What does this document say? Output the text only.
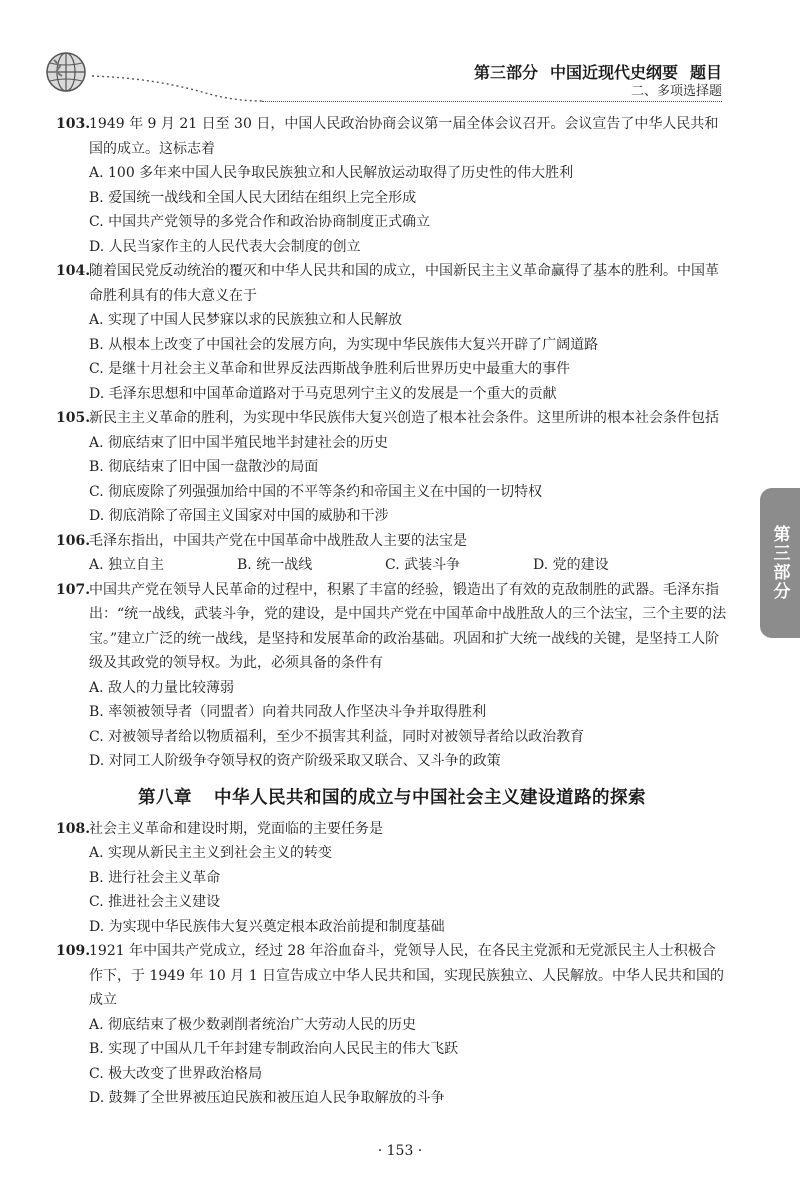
第三部分 中国近现代史纲要 题目
二、多项选择题
103.1949 年 9 月 21 日至 30 日，中国人民政治协商会议第一届全体会议召开。会议宣告了中华人民共和国的成立。这标志着
A. 100 多年来中国人民争取民族独立和人民解放运动取得了历史性的伟大胜利
B. 爱国统一战线和全国人民大团结在组织上完全形成
C. 中国共产党领导的多党合作和政治协商制度正式确立
D. 人民当家作主的人民代表大会制度的创立
104.随着国民党反动统治的覆灭和中华人民共和国的成立，中国新民主主义革命赢得了基本的胜利。中国革命胜利具有的伟大意义在于
A. 实现了中国人民梦寐以求的民族独立和人民解放
B. 从根本上改变了中国社会的发展方向，为实现中华民族伟大复兴开辟了广阔道路
C. 是继十月社会主义革命和世界反法西斯战争胜利后世界历史中最重大的事件
D. 毛泽东思想和中国革命道路对于马克思列宁主义的发展是一个重大的贡献
105.新民主主义革命的胜利，为实现中华民族伟大复兴创造了根本社会条件。这里所讲的根本社会条件包括
A. 彻底结束了旧中国半殖民地半封建社会的历史
B. 彻底结束了旧中国一盘散沙的局面
C. 彻底废除了列强强加给中国的不平等条约和帝国主义在中国的一切特权
D. 彻底消除了帝国主义国家对中国的威胁和干涉
106.毛泽东指出，中国共产党在中国革命中战胜敌人主要的法宝是
A. 独立自主	B. 统一战线	C. 武装斗争	D. 党的建设
107.中国共产党在领导人民革命的过程中，积累了丰富的经验，锻造出了有效的克敌制胜的武器。毛泽东指出：“统一战线，武装斗争，党的建设，是中国共产党在中国革命中战胜敌人的三个法宝，三个主要的法宝。”建立广泛的统一战线，是坚持和发展革命的政治基础。巩固和扩大统一战线的关键，是坚持工人阶级及其政党的领导权。为此，必须具备的条件有
A. 敌人的力量比较薄弱
B. 率领被领导者（同盟者）向着共同敌人作坚决斗争并取得胜利
C. 对被领导者给以物质福利，至少不损害其利益，同时对被领导者给以政治教育
D. 对同工人阶级争夺领导权的资产阶级采取又联合、又斗争的政策
第八章 中华人民共和国的成立与中国社会主义建设道路的探索
108.社会主义革命和建设时期，党面临的主要任务是
A. 实现从新民主主义到社会主义的转变
B. 进行社会主义革命
C. 推进社会主义建设
D. 为实现中华民族伟大复兴奠定根本政治前提和制度基础
109.1921 年中国共产党成立，经过 28 年浴血奋斗，党领导人民，在各民主党派和无党派民主人士积极合作下，于 1949 年 10 月 1 日宣告成立中华人民共和国，实现民族独立、人民解放。中华人民共和国的成立
A. 彻底结束了极少数剥削者统治广大劳动人民的历史
B. 实现了中国从几千年封建专制政治向人民民主的伟大飞跃
C. 极大改变了世界政治格局
D. 鼓舞了全世界被压迫民族和被压迫人民争取解放的斗争
第三部分
· 153 ·
